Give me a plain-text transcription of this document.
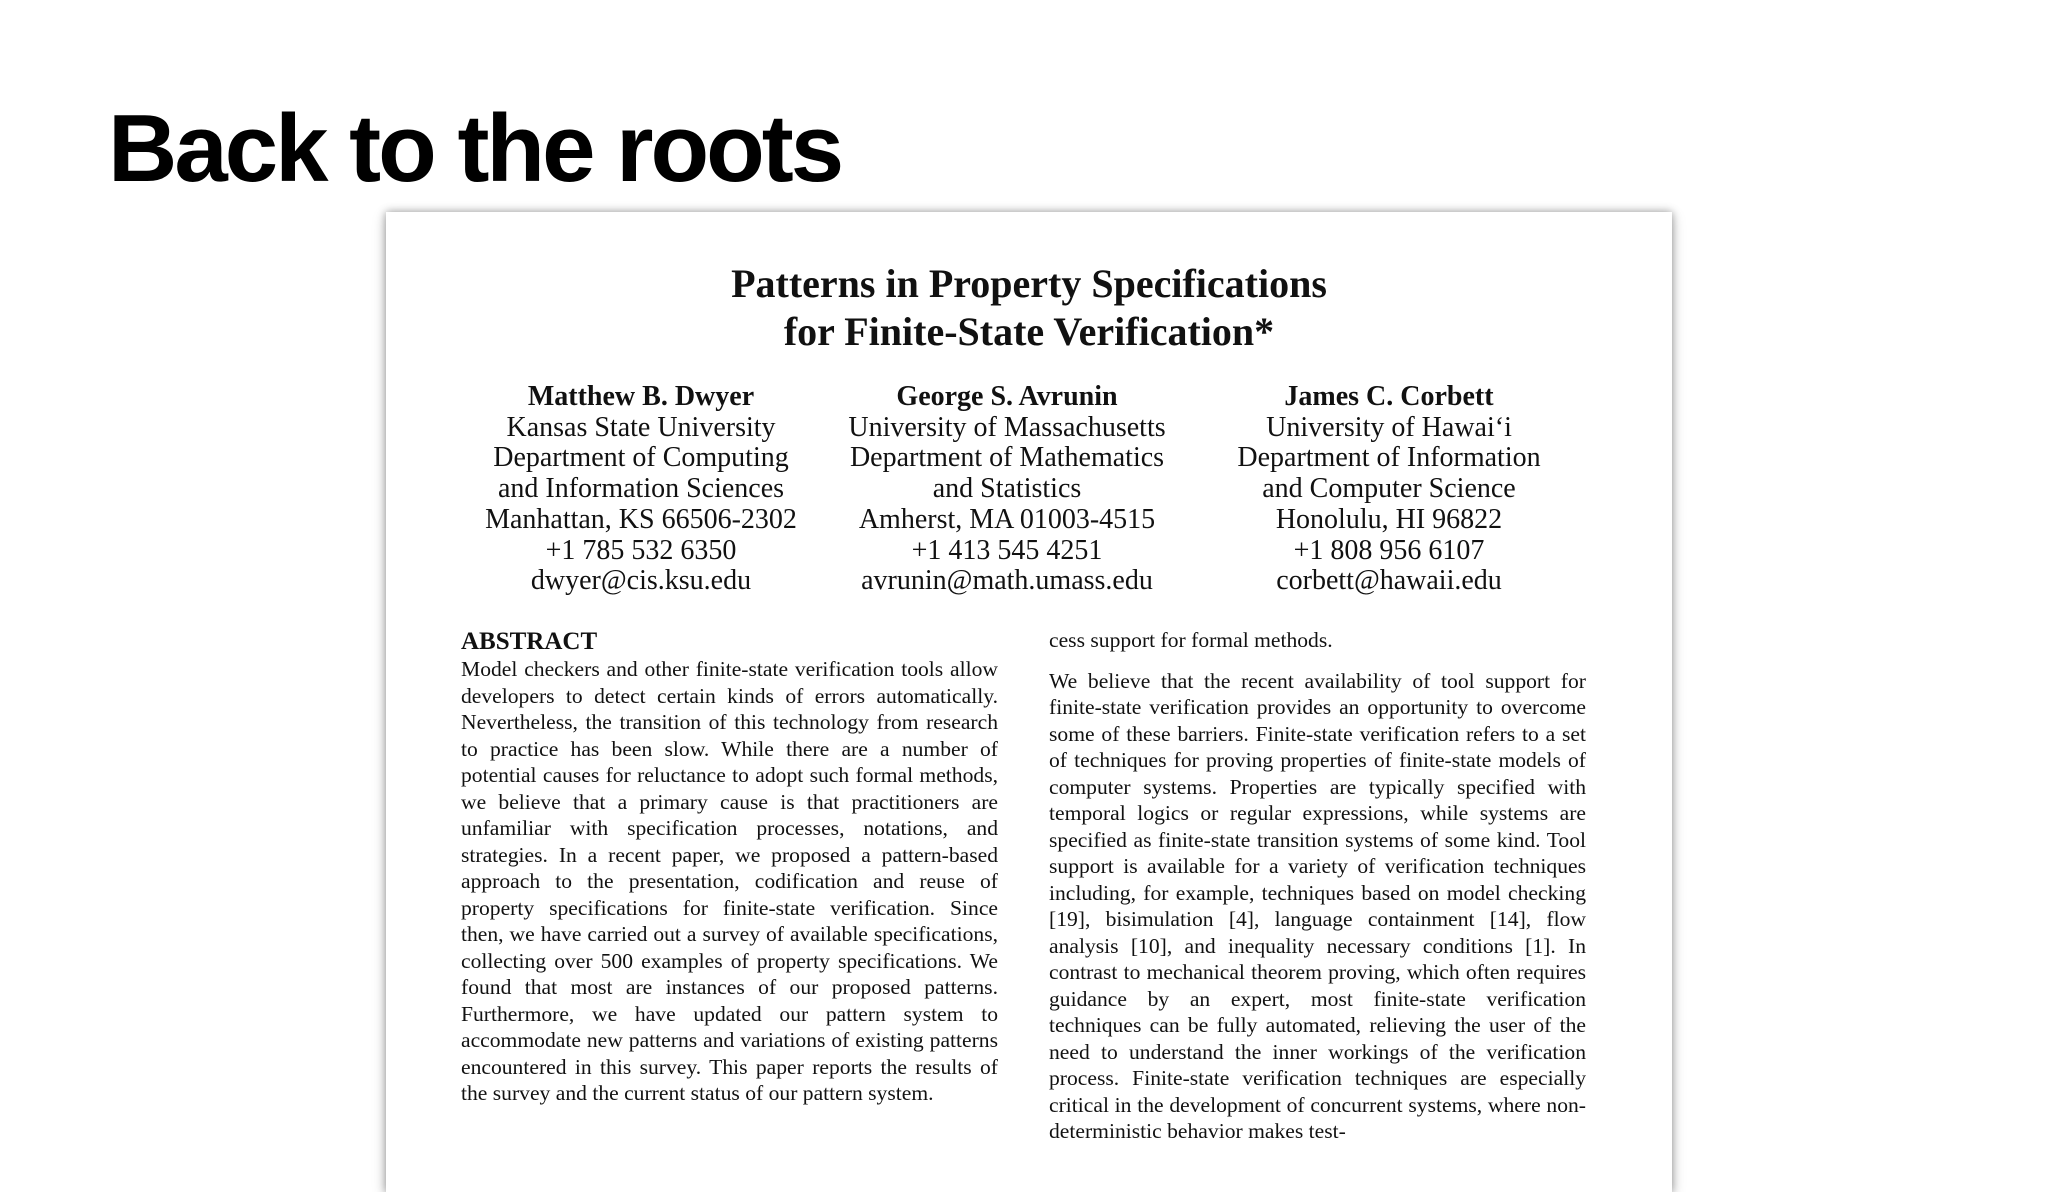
Back to the roots
Patterns in Property Specifications
for Finite-State Verification*
Matthew B. Dwyer
Kansas State University
Department of Computing
and Information Sciences
Manhattan, KS 66506-2302
+1 785 532 6350
dwyer@cis.ksu.edu
George S. Avrunin
University of Massachusetts
Department of Mathematics
and Statistics
Amherst, MA 01003-4515
+1 413 545 4251
avrunin@math.umass.edu
James C. Corbett
University of Hawai‘i
Department of Information
and Computer Science
Honolulu, HI 96822
+1 808 956 6107
corbett@hawaii.edu
ABSTRACT

Model checkers and other finite-state verification tools allow developers to detect certain kinds of errors automatically. Nevertheless, the transition of this technology from research to practice has been slow. While there are a number of potential causes for reluctance to adopt such formal methods, we believe that a primary cause is that practitioners are unfamiliar with specification processes, notations, and strategies. In a recent paper, we proposed a pattern-based approach to the presentation, codification and reuse of property specifications for finite-state verification. Since then, we have carried out a survey of available specifications, collecting over 500 examples of property specifications. We found that most are instances of our proposed patterns. Furthermore, we have updated our pattern system to accommodate new patterns and variations of existing patterns encountered in this survey. This paper reports the results of the survey and the current status of our pattern system.

cess support for formal methods.

We believe that the recent availability of tool support for finite-state verification provides an opportunity to overcome some of these barriers. Finite-state verification refers to a set of techniques for proving properties of finite-state models of computer systems. Properties are typically specified with temporal logics or regular expressions, while systems are specified as finite-state transition systems of some kind. Tool support is available for a variety of verification techniques including, for example, techniques based on model checking [19], bisimulation [4], language containment [14], flow analysis [10], and inequality necessary conditions [1]. In contrast to mechanical theorem proving, which often requires guidance by an expert, most finite-state verification techniques can be fully automated, relieving the user of the need to understand the inner workings of the verification process. Finite-state verification techniques are especially critical in the development of concurrent systems, where non-deterministic behavior makes test-
